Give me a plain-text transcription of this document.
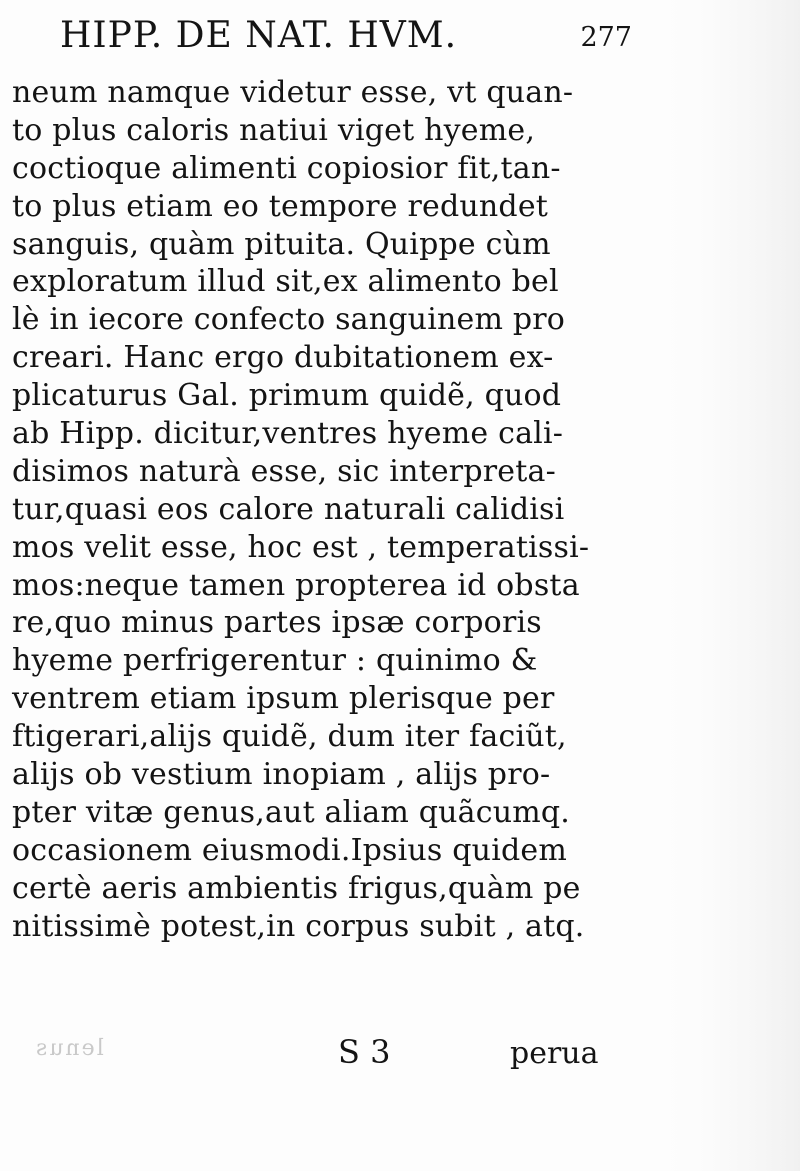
HIPP. DE NAT. HVM.	277
neum namque videtur esse, vt quan-
to plus caloris natiui viget hyeme,
coctioque alimenti copiosior fit,tan-
to plus etiam eo tempore redundet
sanguis, quàm pituita. Quippe cùm
exploratum illud sit,ex alimento bel
lè in iecore confecto sanguinem pro
creari. Hanc ergo dubitationem ex-
plicaturus Gal. primum quidẽ, quod
ab Hipp. dicitur,ventres hyeme cali-
disimos naturà esse, sic interpreta-
tur,quasi eos calore naturali calidisi
mos velit esse, hoc est , temperatissi-
mos:neque tamen propterea id obsta
re,quo minus partes ipsæ corporis
hyeme perfrigerentur : quinimo &
ventrem etiam ipsum plerisque per
ftigerari,alijs quidẽ, dum iter faciũt,
alijs ob vestium inopiam , alijs pro-
pter vitæ genus,aut aliam quãcumq.
occasionem eiusmodi.Ipsius quidem
certè aeris ambientis frigus,quàm pe
nitissimè potest,in corpus subit , atq.
lenus	S 3	perua
